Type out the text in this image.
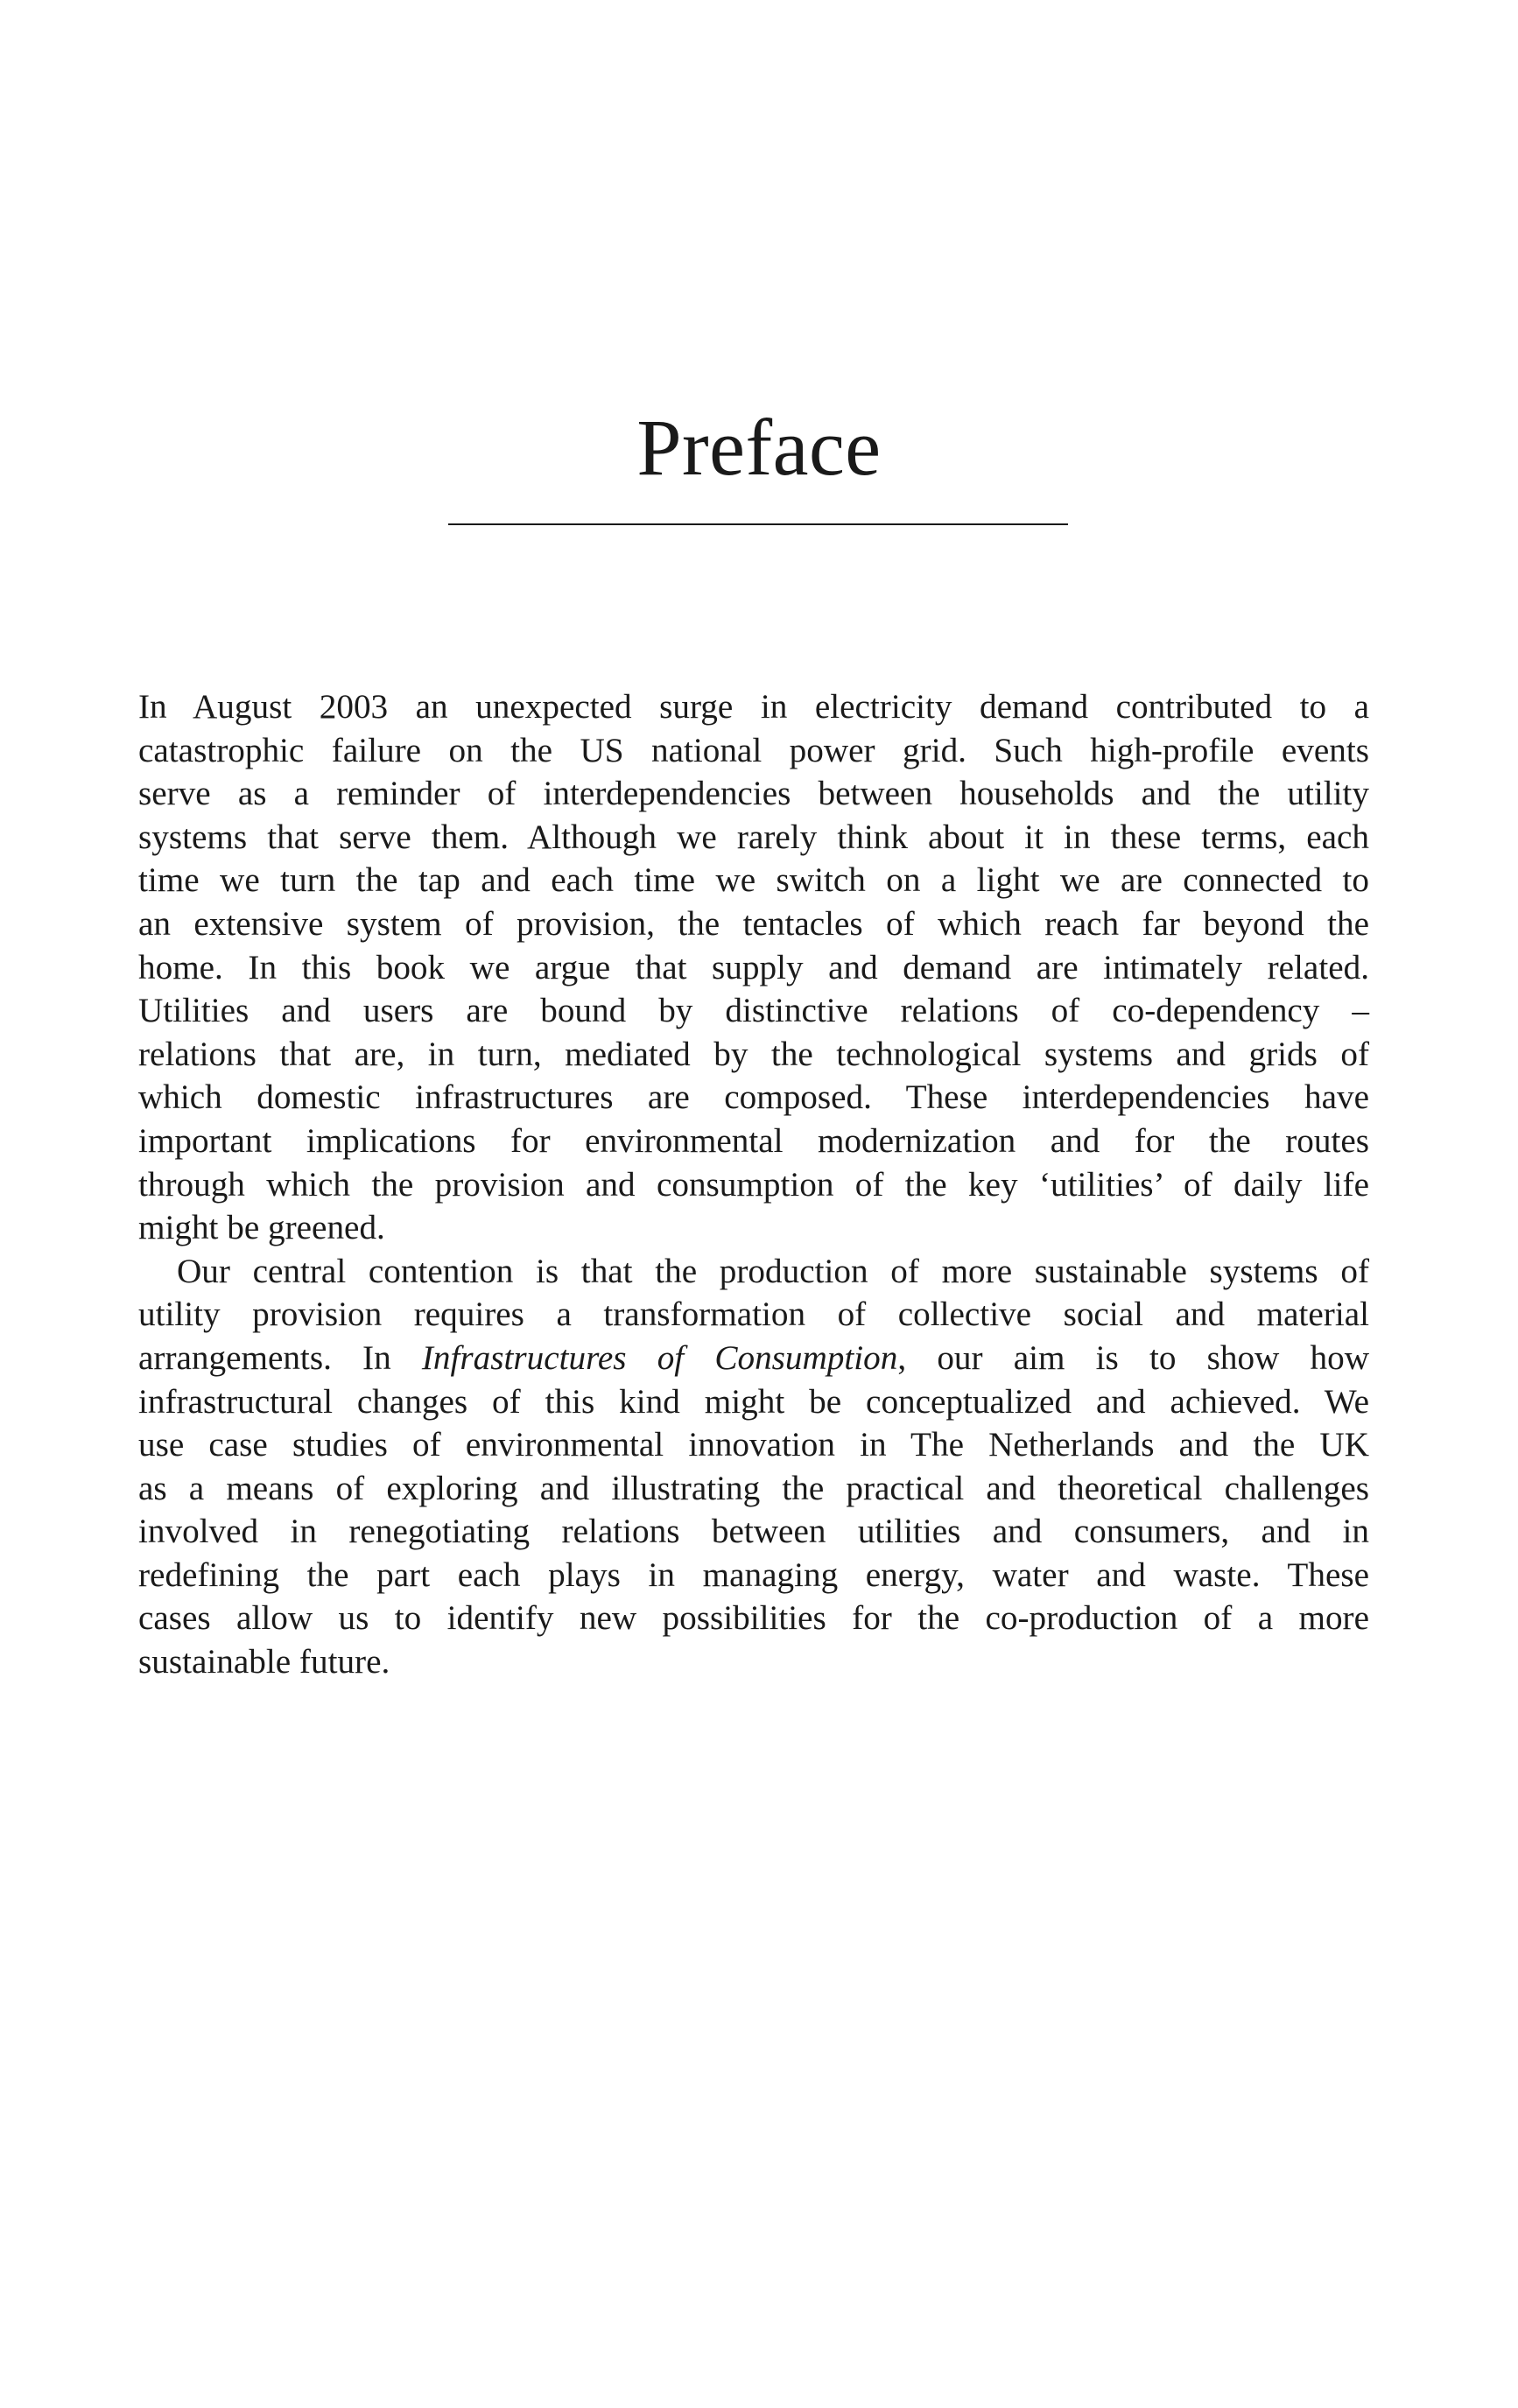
Preface
In August 2003 an unexpected surge in electricity demand contributed to a
catastrophic failure on the US national power grid. Such high-profile events
serve as a reminder of interdependencies between households and the utility
systems that serve them. Although we rarely think about it in these terms, each
time we turn the tap and each time we switch on a light we are connected to
an extensive system of provision, the tentacles of which reach far beyond the
home. In this book we argue that supply and demand are intimately related.
Utilities and users are bound by distinctive relations of co-dependency –
relations that are, in turn, mediated by the technological systems and grids of
which domestic infrastructures are composed. These interdependencies have
important implications for environmental modernization and for the routes
through which the provision and consumption of the key ‘utilities’ of daily life
might be greened.
Our central contention is that the production of more sustainable systems of
utility provision requires a transformation of collective social and material
arrangements. In Infrastructures of Consumption, our aim is to show how
infrastructural changes of this kind might be conceptualized and achieved. We
use case studies of environmental innovation in The Netherlands and the UK
as a means of exploring and illustrating the practical and theoretical challenges
involved in renegotiating relations between utilities and consumers, and in
redefining the part each plays in managing energy, water and waste. These
cases allow us to identify new possibilities for the co-production of a more
sustainable future.
